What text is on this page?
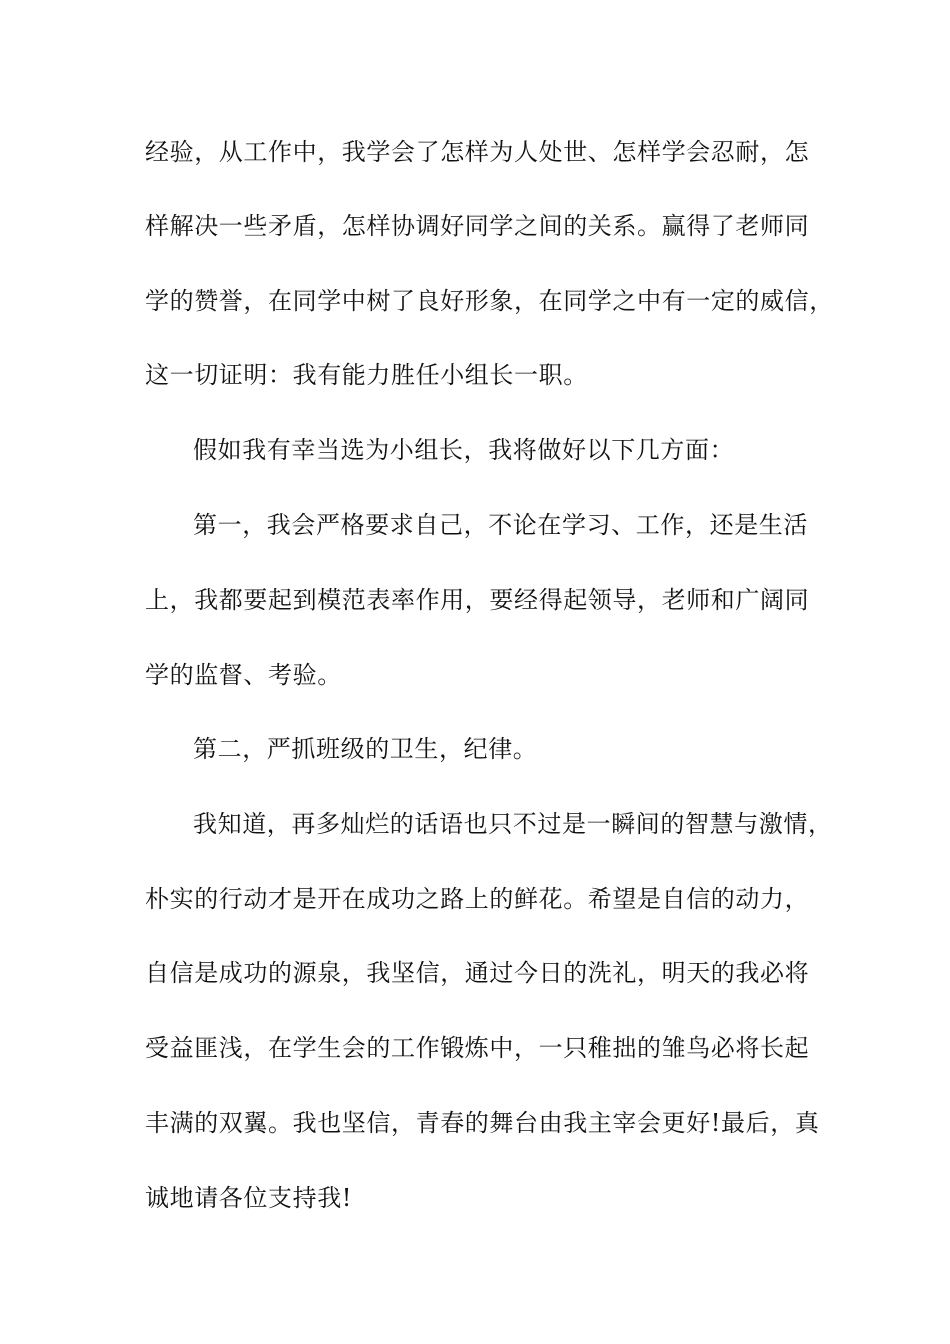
经验，从工作中，我学会了怎样为人处世、怎样学会忍耐，怎
样解决一些矛盾，怎样协调好同学之间的关系。赢得了老师同
学的赞誉，在同学中树了良好形象，在同学之中有一定的威信，
这一切证明：我有能力胜任小组长一职。
假如我有幸当选为小组长，我将做好以下几方面：
第一，我会严格要求自己，不论在学习、工作，还是生活
上，我都要起到模范表率作用，要经得起领导，老师和广阔同
学的监督、考验。
第二，严抓班级的卫生，纪律。
我知道，再多灿烂的话语也只不过是一瞬间的智慧与激情，
朴实的行动才是开在成功之路上的鲜花。希望是自信的动力，
自信是成功的源泉，我坚信，通过今日的洗礼，明天的我必将
受益匪浅，在学生会的工作锻炼中，一只稚拙的雏鸟必将长起
丰满的双翼。我也坚信，青春的舞台由我主宰会更好!最后，真
诚地请各位支持我!
